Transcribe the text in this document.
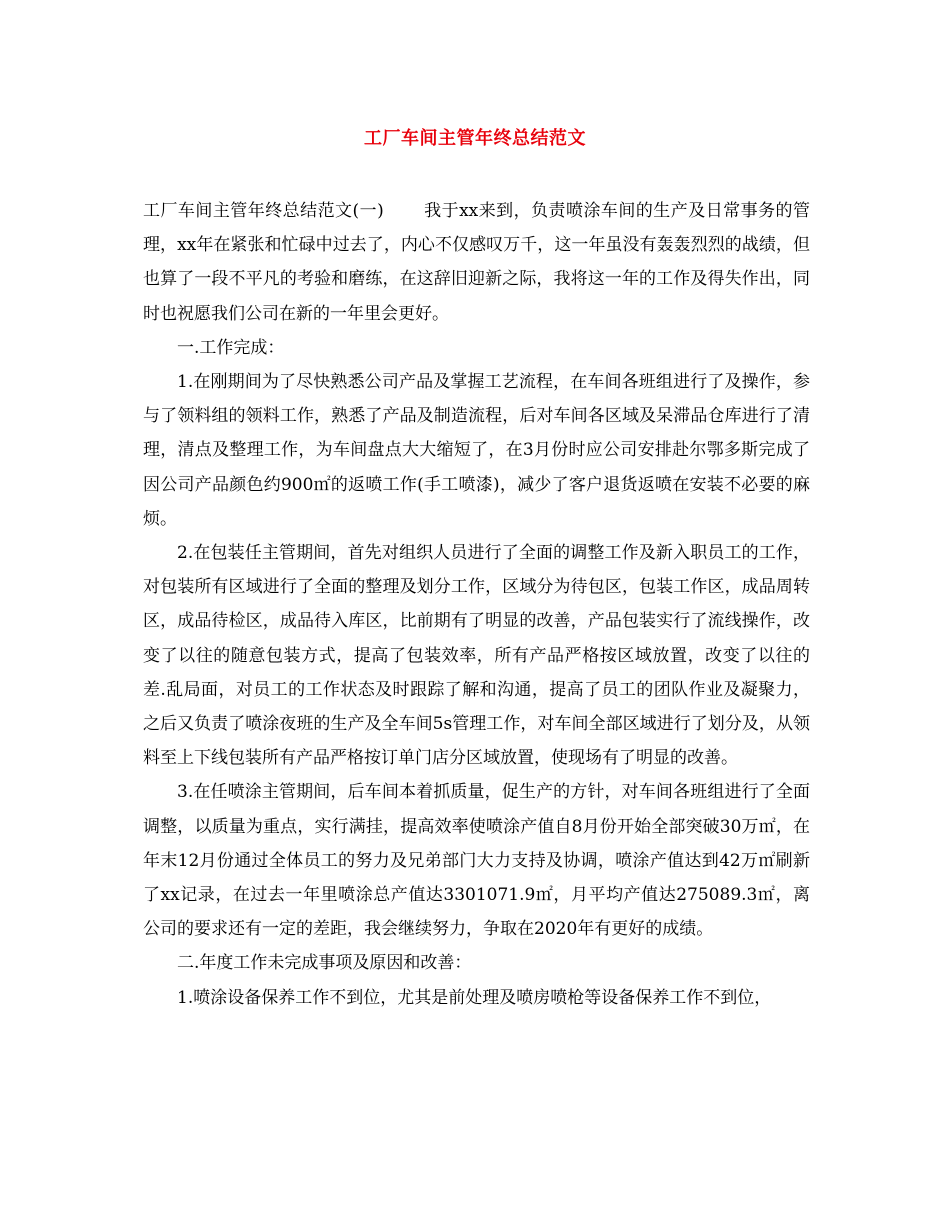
工厂车间主管年终总结范文

工厂车间主管年终总结范文(一) 我于xx来到，负责喷涂车间的生产及日常事务的管理，xx年在紧张和忙碌中过去了，内心不仅感叹万千，这一年虽没有轰轰烈烈的战绩，但也算了一段不平凡的考验和磨练，在这辞旧迎新之际，我将这一年的工作及得失作出，同时也祝愿我们公司在新的一年里会更好。

一.工作完成：

1.在刚期间为了尽快熟悉公司产品及掌握工艺流程，在车间各班组进行了及操作，参与了领料组的领料工作，熟悉了产品及制造流程，后对车间各区域及呆滞品仓库进行了清理，清点及整理工作，为车间盘点大大缩短了，在3月份时应公司安排赴尔鄂多斯完成了因公司产品颜色约900㎡的返喷工作(手工喷漆)，减少了客户退货返喷在安装不必要的麻烦。

2.在包装任主管期间，首先对组织人员进行了全面的调整工作及新入职员工的工作，对包装所有区域进行了全面的整理及划分工作，区域分为待包区，包装工作区，成品周转区，成品待检区，成品待入库区，比前期有了明显的改善，产品包装实行了流线操作，改变了以往的随意包装方式，提高了包装效率，所有产品严格按区域放置，改变了以往的差.乱局面，对员工的工作状态及时跟踪了解和沟通，提高了员工的团队作业及凝聚力，之后又负责了喷涂夜班的生产及全车间5s管理工作，对车间全部区域进行了划分及，从领料至上下线包装所有产品严格按订单门店分区域放置，使现场有了明显的改善。

3.在任喷涂主管期间，后车间本着抓质量，促生产的方针，对车间各班组进行了全面调整，以质量为重点，实行满挂，提高效率使喷涂产值自8月份开始全部突破30万㎡，在年末12月份通过全体员工的努力及兄弟部门大力支持及协调，喷涂产值达到42万㎡刷新了xx记录，在过去一年里喷涂总产值达3301071.9㎡，月平均产值达275089.3㎡，离公司的要求还有一定的差距，我会继续努力，争取在2020年有更好的成绩。

二.年度工作未完成事项及原因和改善：

1.喷涂设备保养工作不到位，尤其是前处理及喷房喷枪等设备保养工作不到位，
